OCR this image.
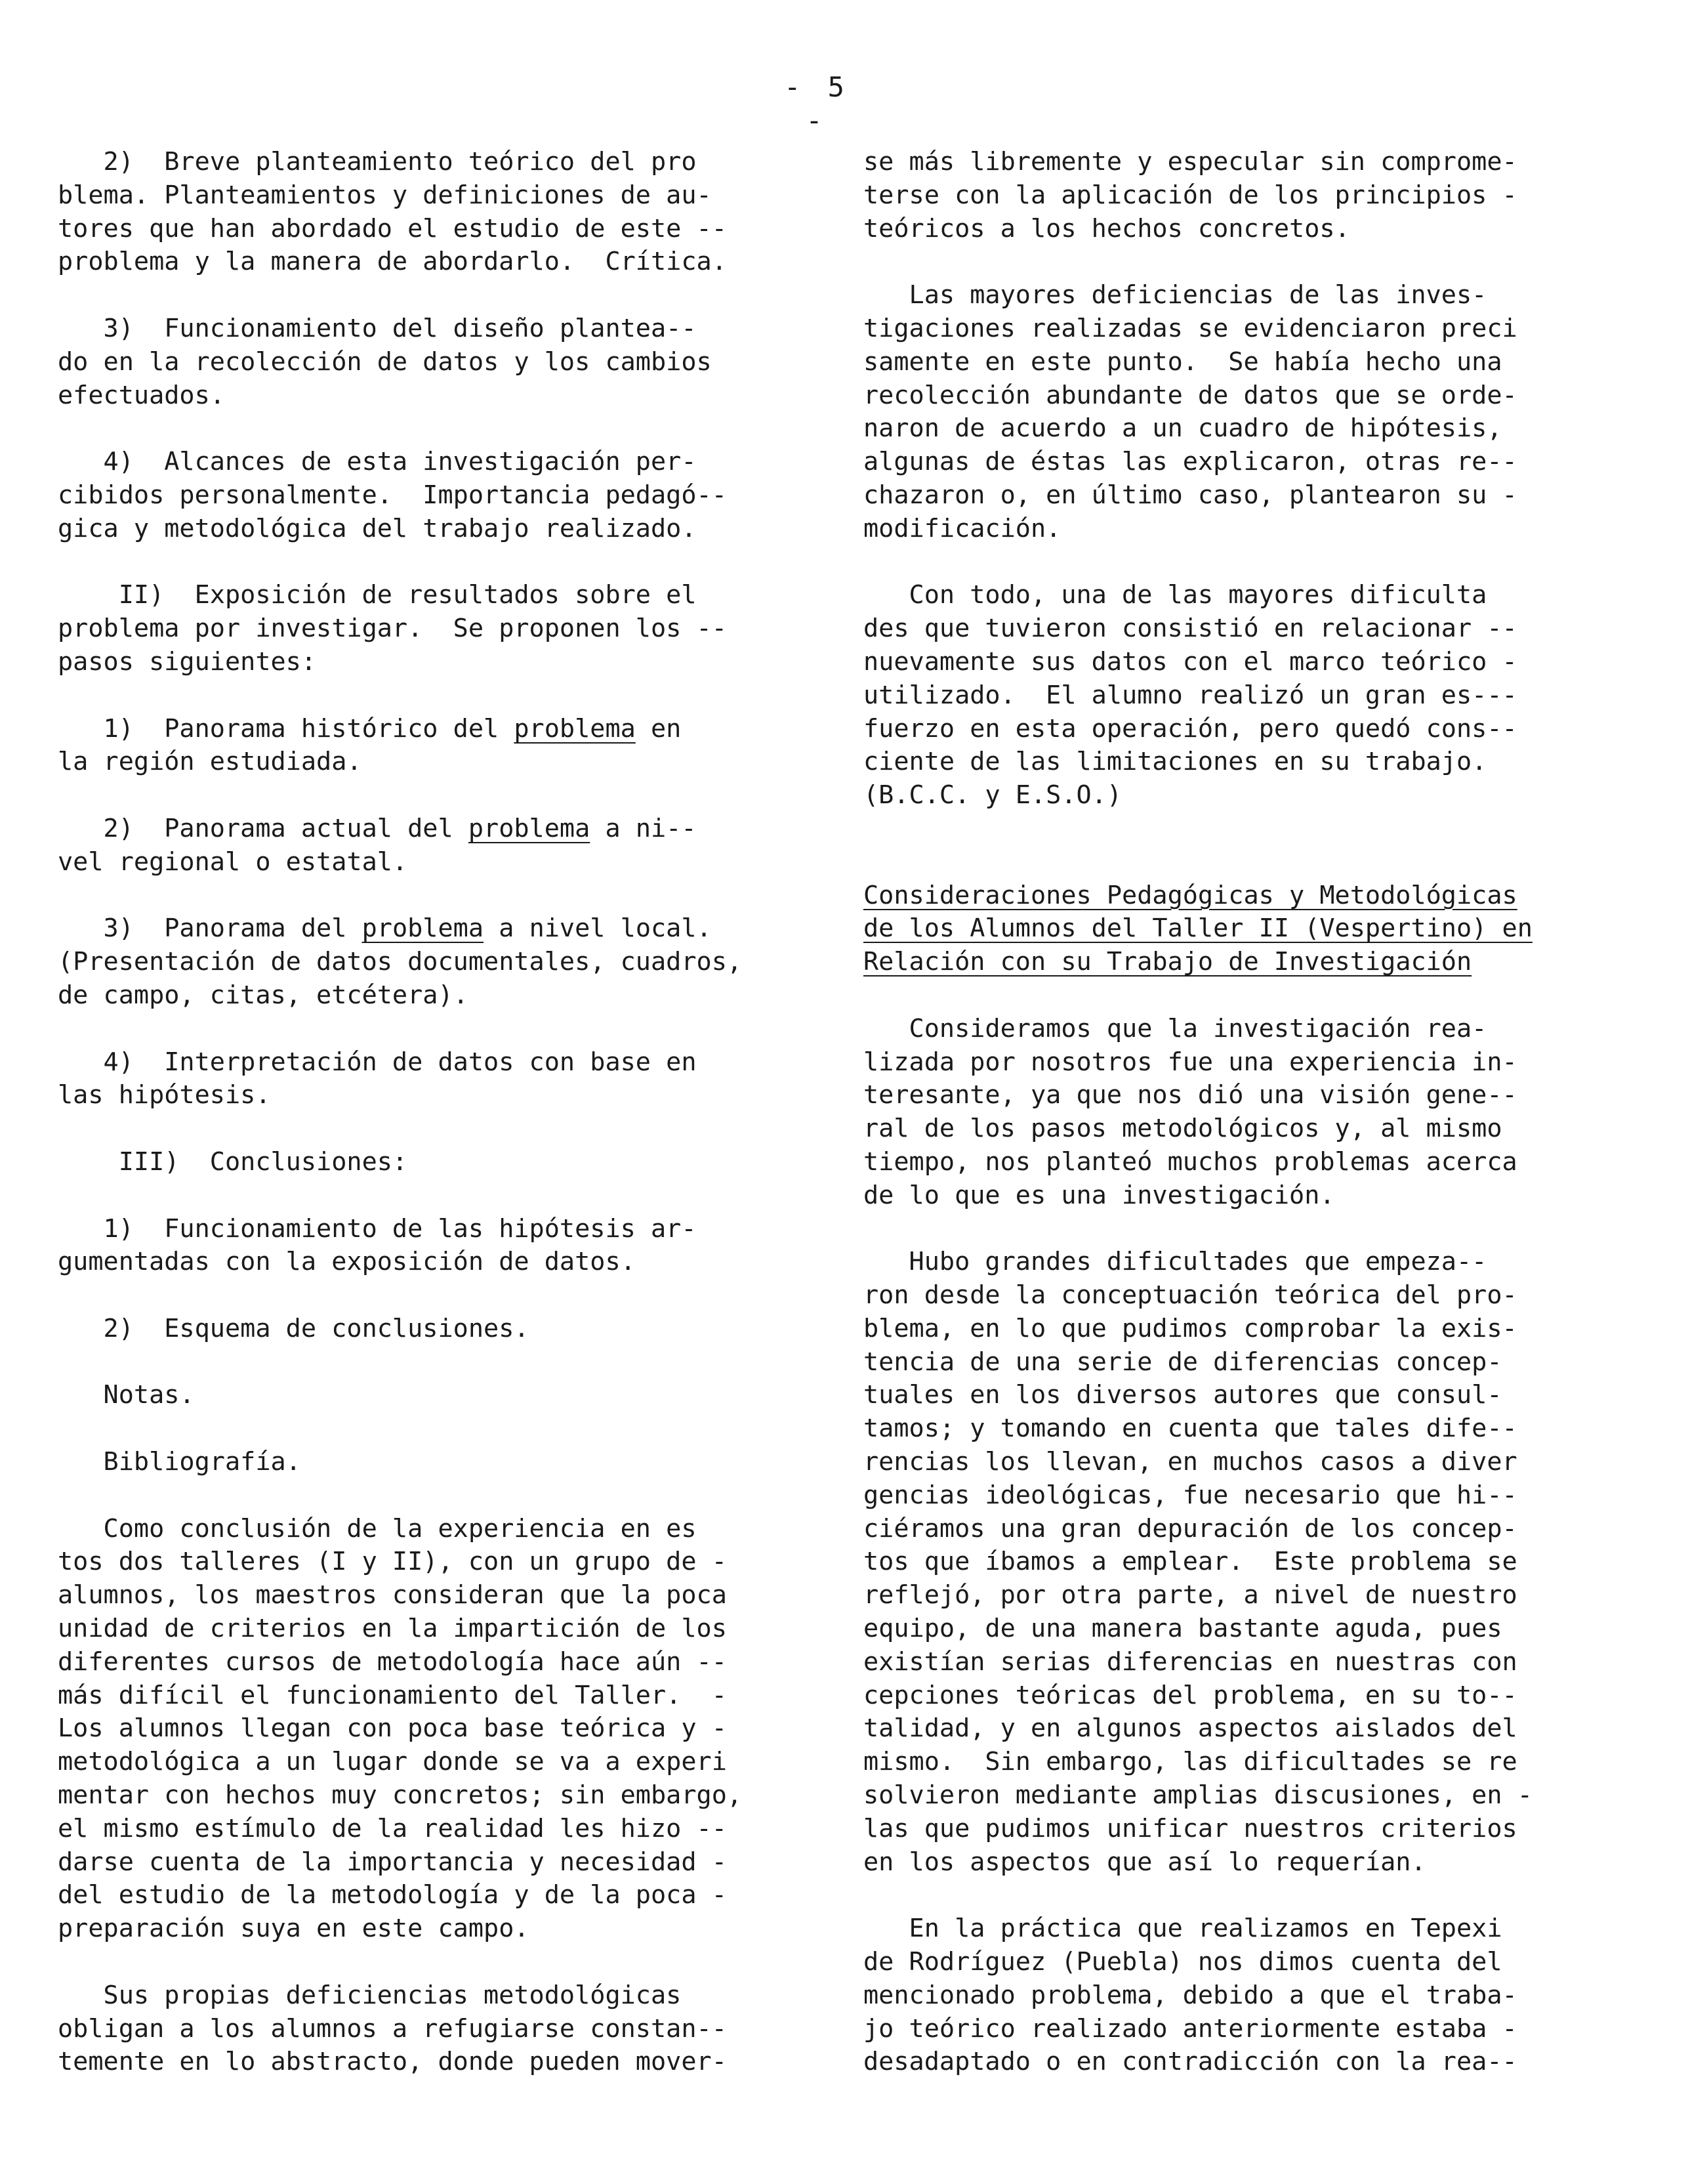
- 5 -
2)  Breve planteamiento teórico del pro
blema. Planteamientos y definiciones de au-
tores que han abordado el estudio de este --
problema y la manera de abordarlo.  Crítica.
3)  Funcionamiento del diseño plantea--
do en la recolección de datos y los cambios
efectuados.
4)  Alcances de esta investigación per-
cibidos personalmente.  Importancia pedagó--
gica y metodológica del trabajo realizado.
II)  Exposición de resultados sobre el
problema por investigar.  Se proponen los --
pasos siguientes:
1)  Panorama histórico del problema en
la región estudiada.
2)  Panorama actual del problema a ni--
vel regional o estatal.
3)  Panorama del problema a nivel local.
(Presentación de datos documentales, cuadros,
de campo, citas, etcétera).
4)  Interpretación de datos con base en
las hipótesis.
III)  Conclusiones:
1)  Funcionamiento de las hipótesis ar-
gumentadas con la exposición de datos.
2)  Esquema de conclusiones.
Notas.
Bibliografía.
Como conclusión de la experiencia en es
tos dos talleres (I y II), con un grupo de -
alumnos, los maestros consideran que la poca
unidad de criterios en la impartición de los
diferentes cursos de metodología hace aún --
más difícil el funcionamiento del Taller.  -
Los alumnos llegan con poca base teórica y -
metodológica a un lugar donde se va a experi
mentar con hechos muy concretos; sin embargo,
el mismo estímulo de la realidad les hizo --
darse cuenta de la importancia y necesidad -
del estudio de la metodología y de la poca -
preparación suya en este campo.
Sus propias deficiencias metodológicas
obligan a los alumnos a refugiarse constan--
temente en lo abstracto, donde pueden mover-
se más libremente y especular sin comprome-
terse con la aplicación de los principios -
teóricos a los hechos concretos.
Las mayores deficiencias de las inves-
tigaciones realizadas se evidenciaron preci
samente en este punto.  Se había hecho una
recolección abundante de datos que se orde-
naron de acuerdo a un cuadro de hipótesis,
algunas de éstas las explicaron, otras re--
chazaron o, en último caso, plantearon su -
modificación.
Con todo, una de las mayores dificulta
des que tuvieron consistió en relacionar --
nuevamente sus datos con el marco teórico -
utilizado.  El alumno realizó un gran es---
fuerzo en esta operación, pero quedó cons--
ciente de las limitaciones en su trabajo.
(B.C.C. y E.S.O.)
Consideraciones Pedagógicas y Metodológicas
de los Alumnos del Taller II (Vespertino) en
Relación con su Trabajo de Investigación
Consideramos que la investigación rea-
lizada por nosotros fue una experiencia in-
teresante, ya que nos dió una visión gene--
ral de los pasos metodológicos y, al mismo
tiempo, nos planteó muchos problemas acerca
de lo que es una investigación.
Hubo grandes dificultades que empeza--
ron desde la conceptuación teórica del pro-
blema, en lo que pudimos comprobar la exis-
tencia de una serie de diferencias concep-
tuales en los diversos autores que consul-
tamos; y tomando en cuenta que tales dife--
rencias los llevan, en muchos casos a diver
gencias ideológicas, fue necesario que hi--
ciéramos una gran depuración de los concep-
tos que íbamos a emplear.  Este problema se
reflejó, por otra parte, a nivel de nuestro
equipo, de una manera bastante aguda, pues
existían serias diferencias en nuestras con
cepciones teóricas del problema, en su to--
talidad, y en algunos aspectos aislados del
mismo.  Sin embargo, las dificultades se re
solvieron mediante amplias discusiones, en -
las que pudimos unificar nuestros criterios
en los aspectos que así lo requerían.
En la práctica que realizamos en Tepexi
de Rodríguez (Puebla) nos dimos cuenta del
mencionado problema, debido a que el traba-
jo teórico realizado anteriormente estaba -
desadaptado o en contradicción con la rea--
